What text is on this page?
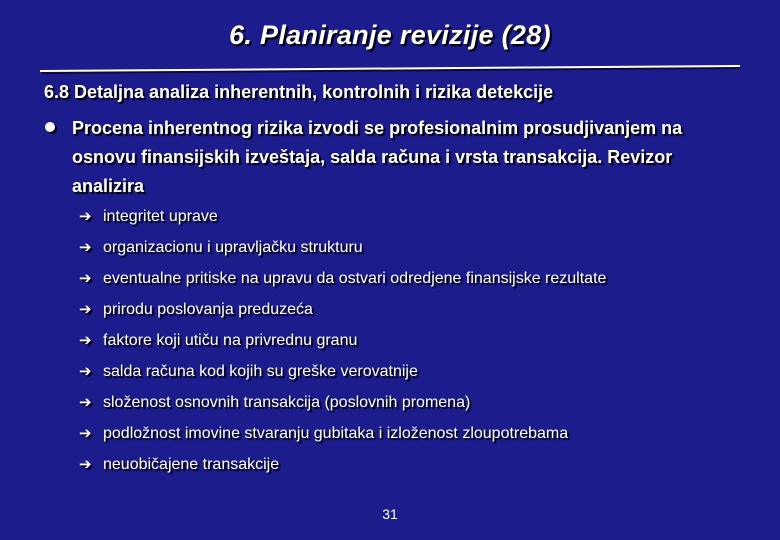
6. Planiranje revizije (28)
6.8 Detaljna analiza inherentnih, kontrolnih i rizika detekcije
Procena inherentnog rizika izvodi se profesionalnim prosudjivanjem na osnovu finansijskih izveštaja, salda računa i vrsta transakcija. Revizor analizira
➔ integritet uprave
➔ organizacionu i upravljačku strukturu
➔ eventualne pritiske na upravu da ostvari odredjene finansijske rezultate
➔ prirodu poslovanja preduzeća
➔ faktore koji utiču na privrednu granu
➔ salda računa kod kojih su greške verovatnije
➔ složenost osnovnih transakcija (poslovnih promena)
➔ podložnost imovine stvaranju gubitaka i izloženost zloupotrebama
➔ neuobičajene transakcije
31
